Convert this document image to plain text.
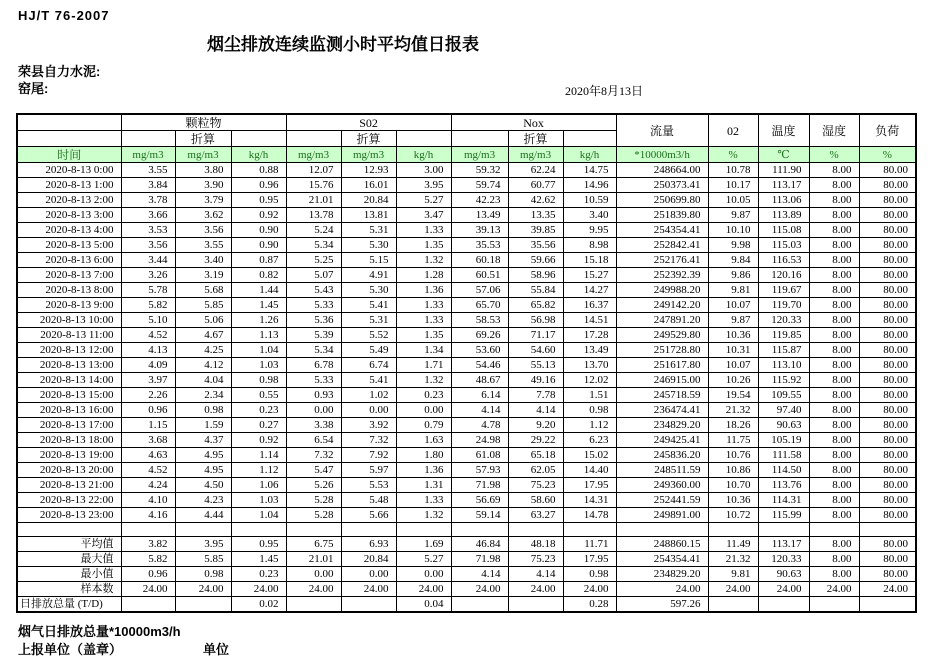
HJ/T 76-2007
烟尘排放连续监测小时平均值日报表
荣县自力水泥:
窑尾:	2020年8月13日
	颗粒物			S02			Nox			流量	02	温度	湿度	负荷
		折算			折算			折算						
时间	mg/m3	mg/m3	kg/h	mg/m3	mg/m3	kg/h	mg/m3	mg/m3	kg/h	*10000m3/h	%	℃	%	%
2020-8-13 0:00	3.55	3.80	0.88	12.07	12.93	3.00	59.32	62.24	14.75	248664.00	10.78	111.90	8.00	80.00
2020-8-13 1:00	3.84	3.90	0.96	15.76	16.01	3.95	59.74	60.77	14.96	250373.41	10.17	113.17	8.00	80.00
2020-8-13 2:00	3.78	3.79	0.95	21.01	20.84	5.27	42.23	42.62	10.59	250699.80	10.05	113.06	8.00	80.00
2020-8-13 3:00	3.66	3.62	0.92	13.78	13.81	3.47	13.49	13.35	3.40	251839.80	9.87	113.89	8.00	80.00
2020-8-13 4:00	3.53	3.56	0.90	5.24	5.31	1.33	39.13	39.85	9.95	254354.41	10.10	115.08	8.00	80.00
2020-8-13 5:00	3.56	3.55	0.90	5.34	5.30	1.35	35.53	35.56	8.98	252842.41	9.98	115.03	8.00	80.00
2020-8-13 6:00	3.44	3.40	0.87	5.25	5.15	1.32	60.18	59.66	15.18	252176.41	9.84	116.53	8.00	80.00
2020-8-13 7:00	3.26	3.19	0.82	5.07	4.91	1.28	60.51	58.96	15.27	252392.39	9.86	120.16	8.00	80.00
2020-8-13 8:00	5.78	5.68	1.44	5.43	5.30	1.36	57.06	55.84	14.27	249988.20	9.81	119.67	8.00	80.00
2020-8-13 9:00	5.82	5.85	1.45	5.33	5.41	1.33	65.70	65.82	16.37	249142.20	10.07	119.70	8.00	80.00
2020-8-13 10:00	5.10	5.06	1.26	5.36	5.31	1.33	58.53	56.98	14.51	247891.20	9.87	120.33	8.00	80.00
2020-8-13 11:00	4.52	4.67	1.13	5.39	5.52	1.35	69.26	71.17	17.28	249529.80	10.36	119.85	8.00	80.00
2020-8-13 12:00	4.13	4.25	1.04	5.34	5.49	1.34	53.60	54.60	13.49	251728.80	10.31	115.87	8.00	80.00
2020-8-13 13:00	4.09	4.12	1.03	6.78	6.74	1.71	54.46	55.13	13.70	251617.80	10.07	113.10	8.00	80.00
2020-8-13 14:00	3.97	4.04	0.98	5.33	5.41	1.32	48.67	49.16	12.02	246915.00	10.26	115.92	8.00	80.00
2020-8-13 15:00	2.26	2.34	0.55	0.93	1.02	0.23	6.14	7.78	1.51	245718.59	19.54	109.55	8.00	80.00
2020-8-13 16:00	0.96	0.98	0.23	0.00	0.00	0.00	4.14	4.14	0.98	236474.41	21.32	97.40	8.00	80.00
2020-8-13 17:00	1.15	1.59	0.27	3.38	3.92	0.79	4.78	9.20	1.12	234829.20	18.26	90.63	8.00	80.00
2020-8-13 18:00	3.68	4.37	0.92	6.54	7.32	1.63	24.98	29.22	6.23	249425.41	11.75	105.19	8.00	80.00
2020-8-13 19:00	4.63	4.95	1.14	7.32	7.92	1.80	61.08	65.18	15.02	245836.20	10.76	111.58	8.00	80.00
2020-8-13 20:00	4.52	4.95	1.12	5.47	5.97	1.36	57.93	62.05	14.40	248511.59	10.86	114.50	8.00	80.00
2020-8-13 21:00	4.24	4.50	1.06	5.26	5.53	1.31	71.98	75.23	17.95	249360.00	10.70	113.76	8.00	80.00
2020-8-13 22:00	4.10	4.23	1.03	5.28	5.48	1.33	56.69	58.60	14.31	252441.59	10.36	114.31	8.00	80.00
2020-8-13 23:00	4.16	4.44	1.04	5.28	5.66	1.32	59.14	63.27	14.78	249891.00	10.72	115.99	8.00	80.00

平均值	3.82	3.95	0.95	6.75	6.93	1.69	46.84	48.18	11.71	248860.15	11.49	113.17	8.00	80.00
最大值	5.82	5.85	1.45	21.01	20.84	5.27	71.98	75.23	17.95	254354.41	21.32	120.33	8.00	80.00
最小值	0.96	0.98	0.23	0.00	0.00	0.00	4.14	4.14	0.98	234829.20	9.81	90.63	8.00	80.00
样本数	24.00	24.00	24.00	24.00	24.00	24.00	24.00	24.00	24.00	24.00	24.00	24.00	24.00	24.00
日排放总量 (T/D)			0.02			0.04			0.28	597.26				
烟气日排放总量*10000m3/h
上报单位（盖章）	单位
